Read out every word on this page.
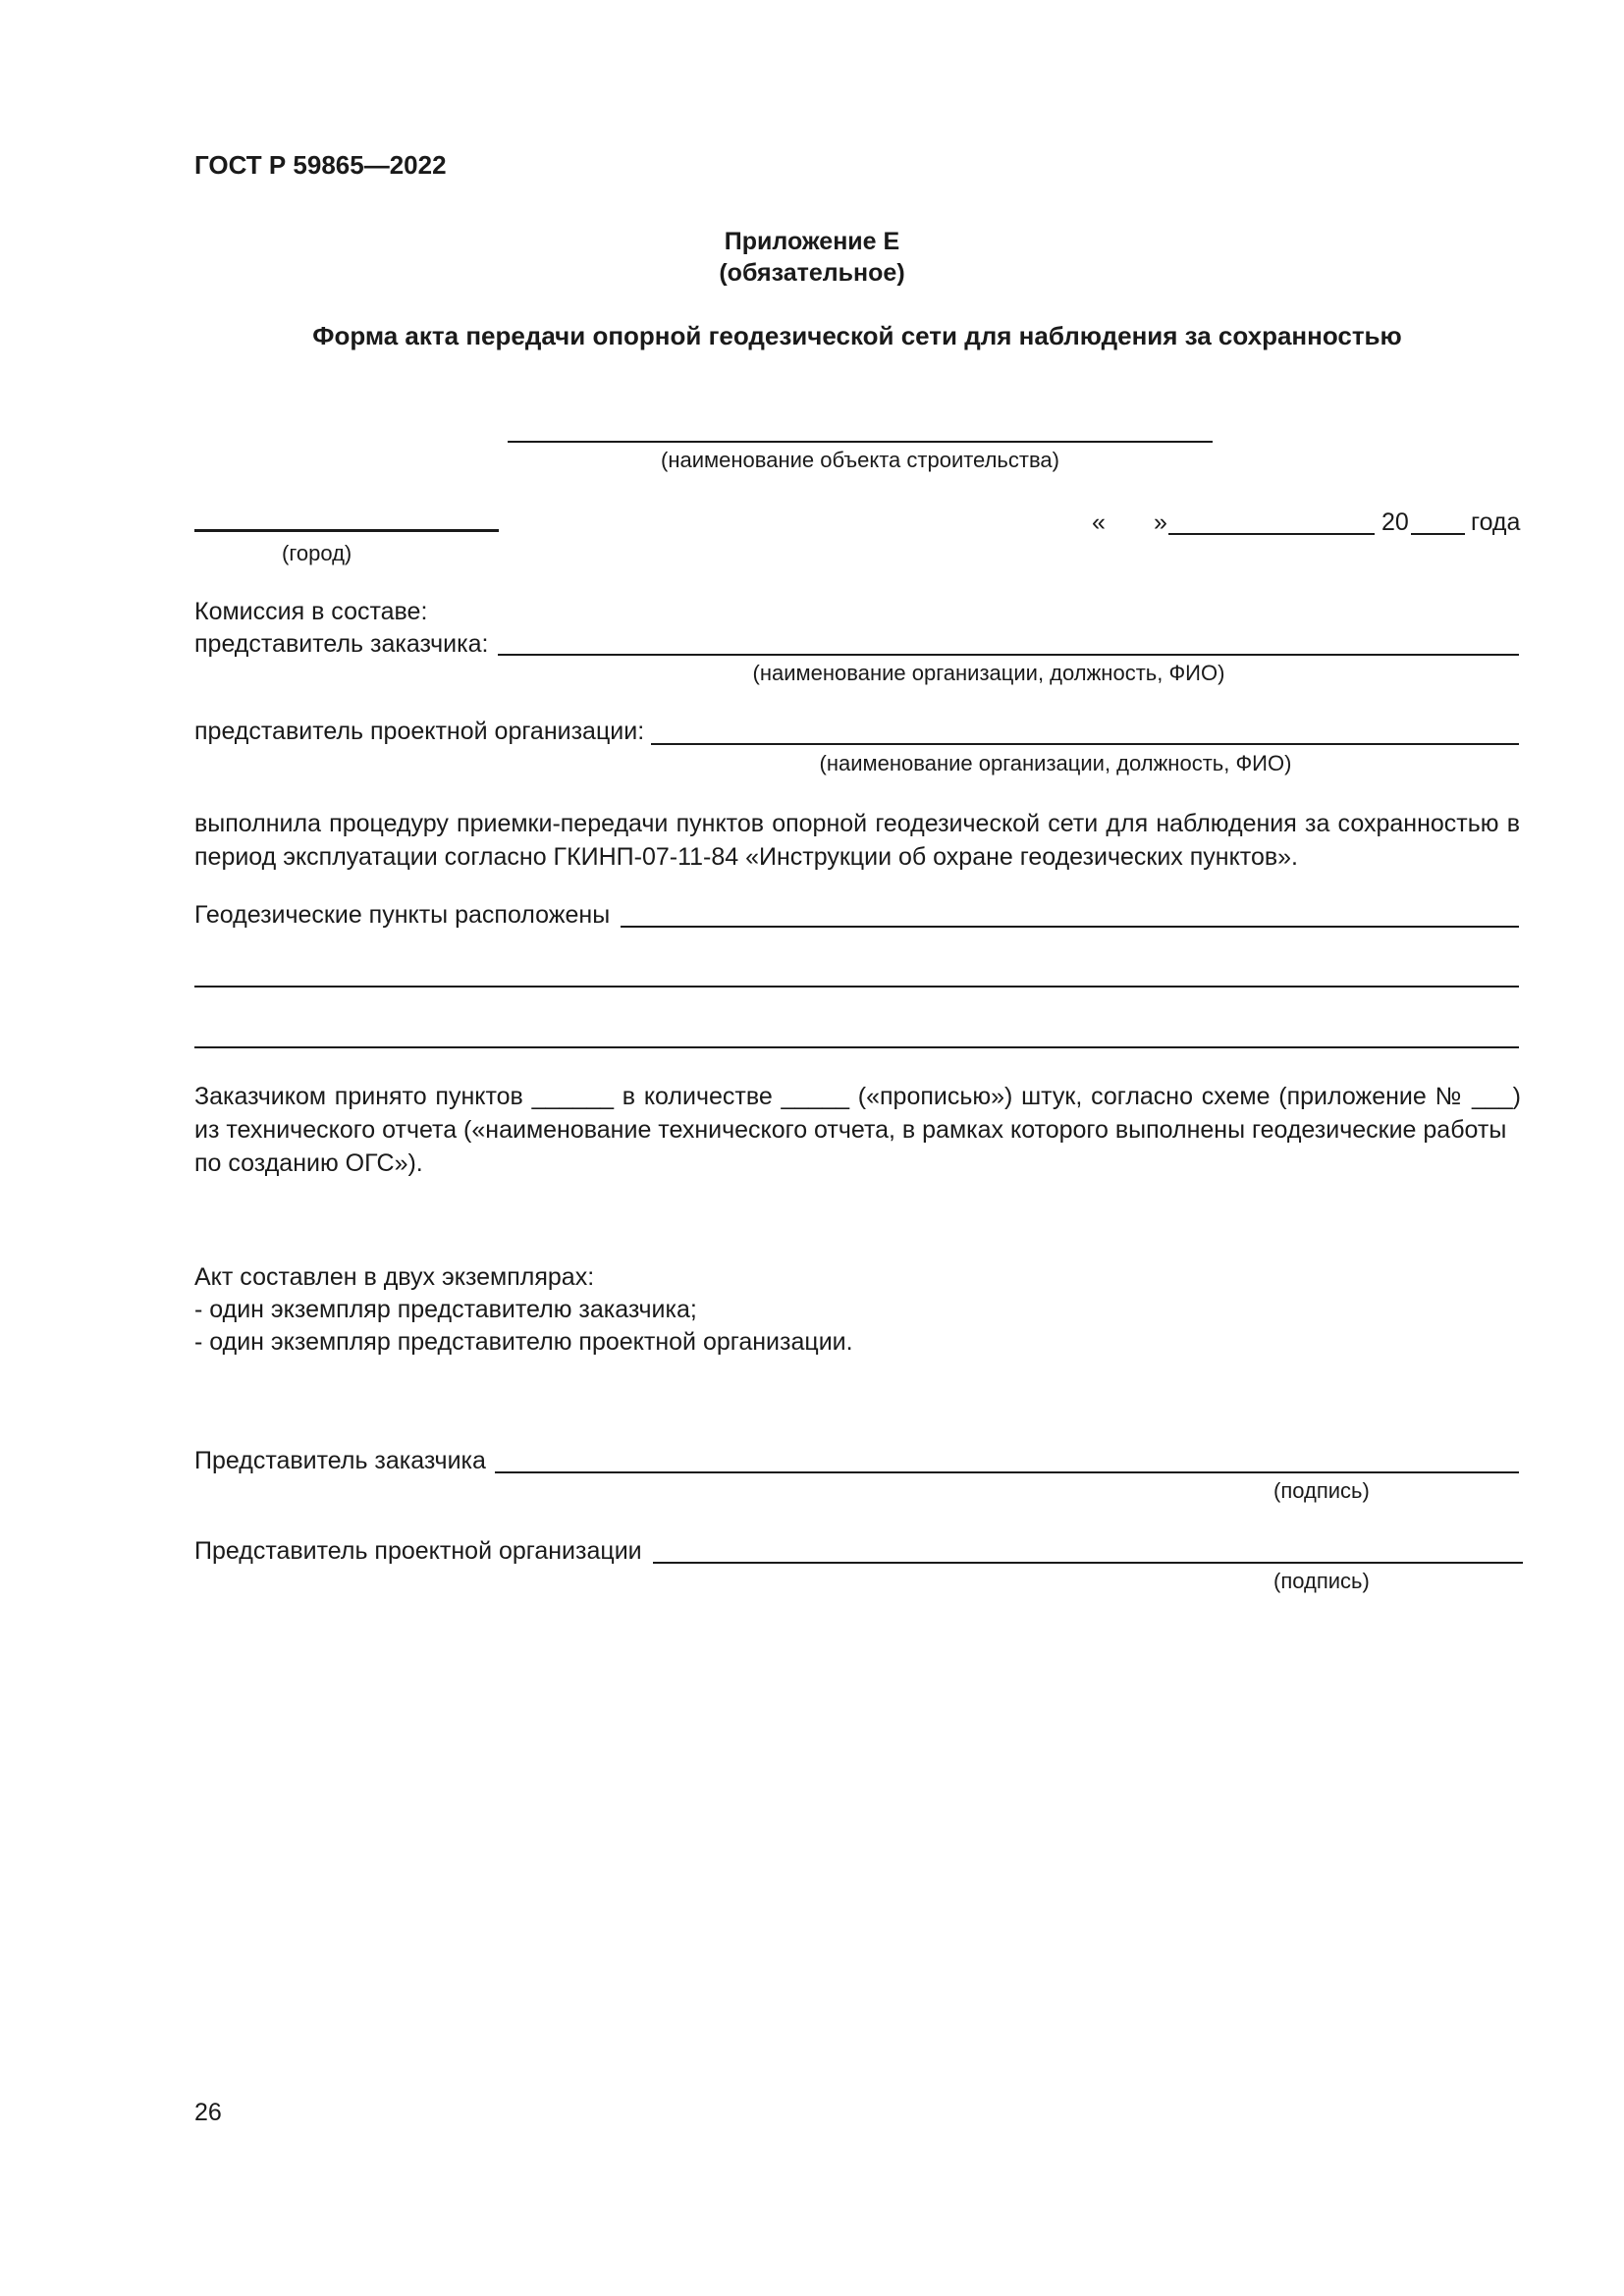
ГОСТ Р 59865—2022
Приложение Е
(обязательное)
Форма акта передачи опорной геодезической сети для наблюдения за сохранностью
(наименование объекта строительства)
(город)
« »	20	года
Комиссия в составе:
представитель заказчика:
(наименование организации, должность, ФИО)
представитель проектной организации:
(наименование организации, должность, ФИО)
выполнила процедуру приемки-передачи пунктов опорной геодезической сети для наблюдения за сохранностью в период эксплуатации согласно ГКИНП-07-11-84 «Инструкции об охране геодезических пунктов».
Геодезические пункты расположены
Заказчиком принято пунктов ______ в количестве _____ («прописью») штук, согласно схеме (приложение № ___)
из технического отчета («наименование технического отчета, в рамках которого выполнены геодезические работы
по созданию ОГС»).
Акт составлен в двух экземплярах:
- один экземпляр представителю заказчика;
- один экземпляр представителю проектной организации.
Представитель заказчика
(подпись)
Представитель проектной организации
(подпись)
26
